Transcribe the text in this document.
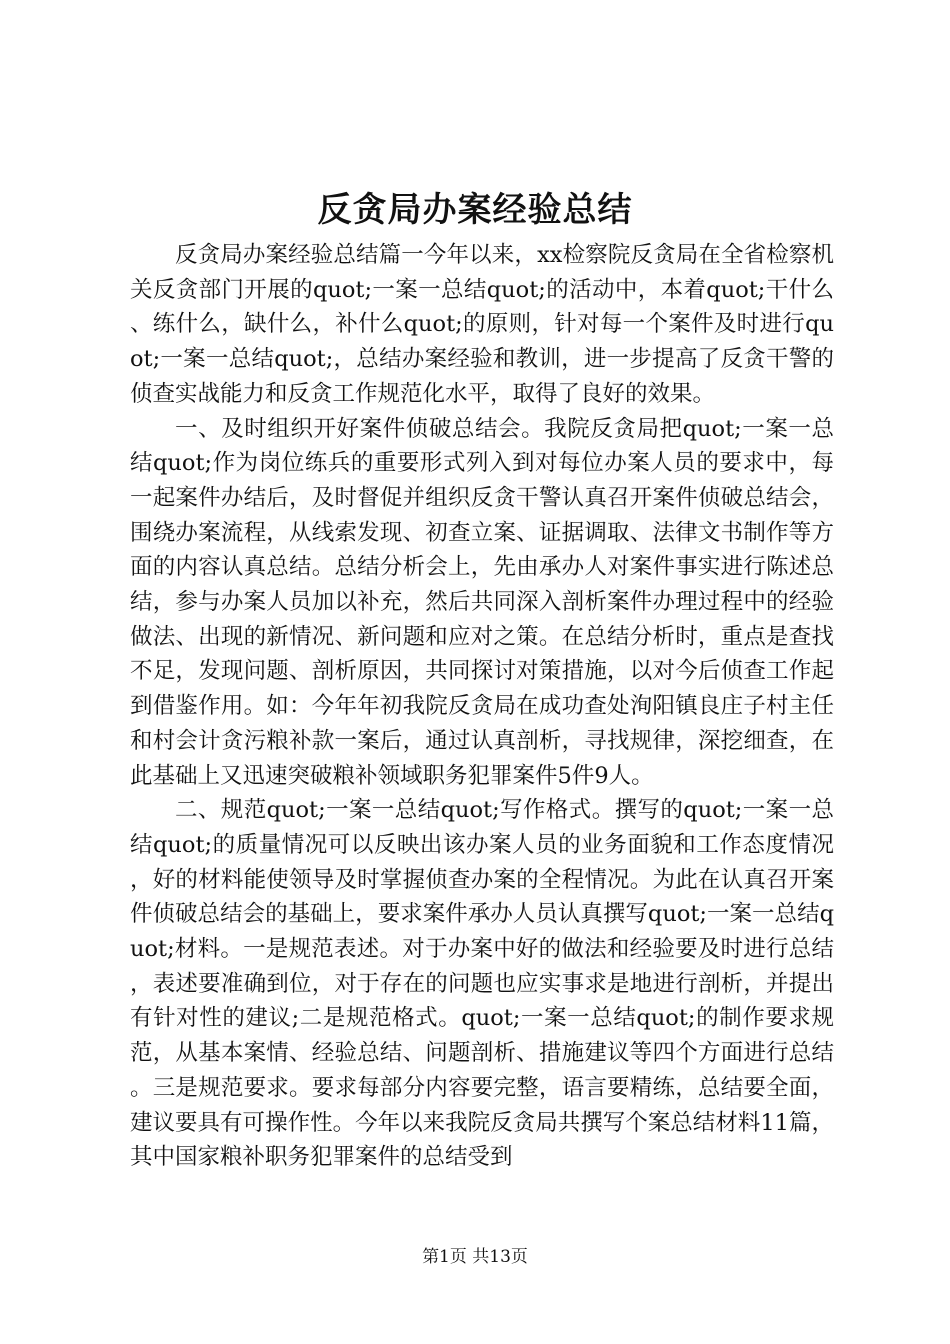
反贪局办案经验总结

反贪局办案经验总结篇一今年以来，xx检察院反贪局在全省检察机关反贪部门开展的quot;一案一总结quot;的活动中，本着quot;干什么、练什么，缺什么，补什么quot;的原则，针对每一个案件及时进行quot;一案一总结quot;，总结办案经验和教训，进一步提高了反贪干警的侦查实战能力和反贪工作规范化水平，取得了良好的效果。

一、及时组织开好案件侦破总结会。我院反贪局把quot;一案一总结quot;作为岗位练兵的重要形式列入到对每位办案人员的要求中，每一起案件办结后，及时督促并组织反贪干警认真召开案件侦破总结会，围绕办案流程，从线索发现、初查立案、证据调取、法律文书制作等方面的内容认真总结。总结分析会上，先由承办人对案件事实进行陈述总结，参与办案人员加以补充，然后共同深入剖析案件办理过程中的经验做法、出现的新情况、新问题和应对之策。在总结分析时，重点是查找不足，发现问题、剖析原因，共同探讨对策措施，以对今后侦查工作起到借鉴作用。如：今年年初我院反贪局在成功查处洵阳镇良庄子村主任和村会计贪污粮补款一案后，通过认真剖析，寻找规律，深挖细查，在此基础上又迅速突破粮补领域职务犯罪案件5件9人。

二、规范quot;一案一总结quot;写作格式。撰写的quot;一案一总结quot;的质量情况可以反映出该办案人员的业务面貌和工作态度情况，好的材料能使领导及时掌握侦查办案的全程情况。为此在认真召开案件侦破总结会的基础上，要求案件承办人员认真撰写quot;一案一总结quot;材料。一是规范表述。对于办案中好的做法和经验要及时进行总结，表述要准确到位，对于存在的问题也应实事求是地进行剖析，并提出有针对性的建议;二是规范格式。quot;一案一总结quot;的制作要求规范，从基本案情、经验总结、问题剖析、措施建议等四个方面进行总结。三是规范要求。要求每部分内容要完整，语言要精练，总结要全面，建议要具有可操作性。今年以来我院反贪局共撰写个案总结材料11篇，其中国家粮补职务犯罪案件的总结受到

第1页 共13页
